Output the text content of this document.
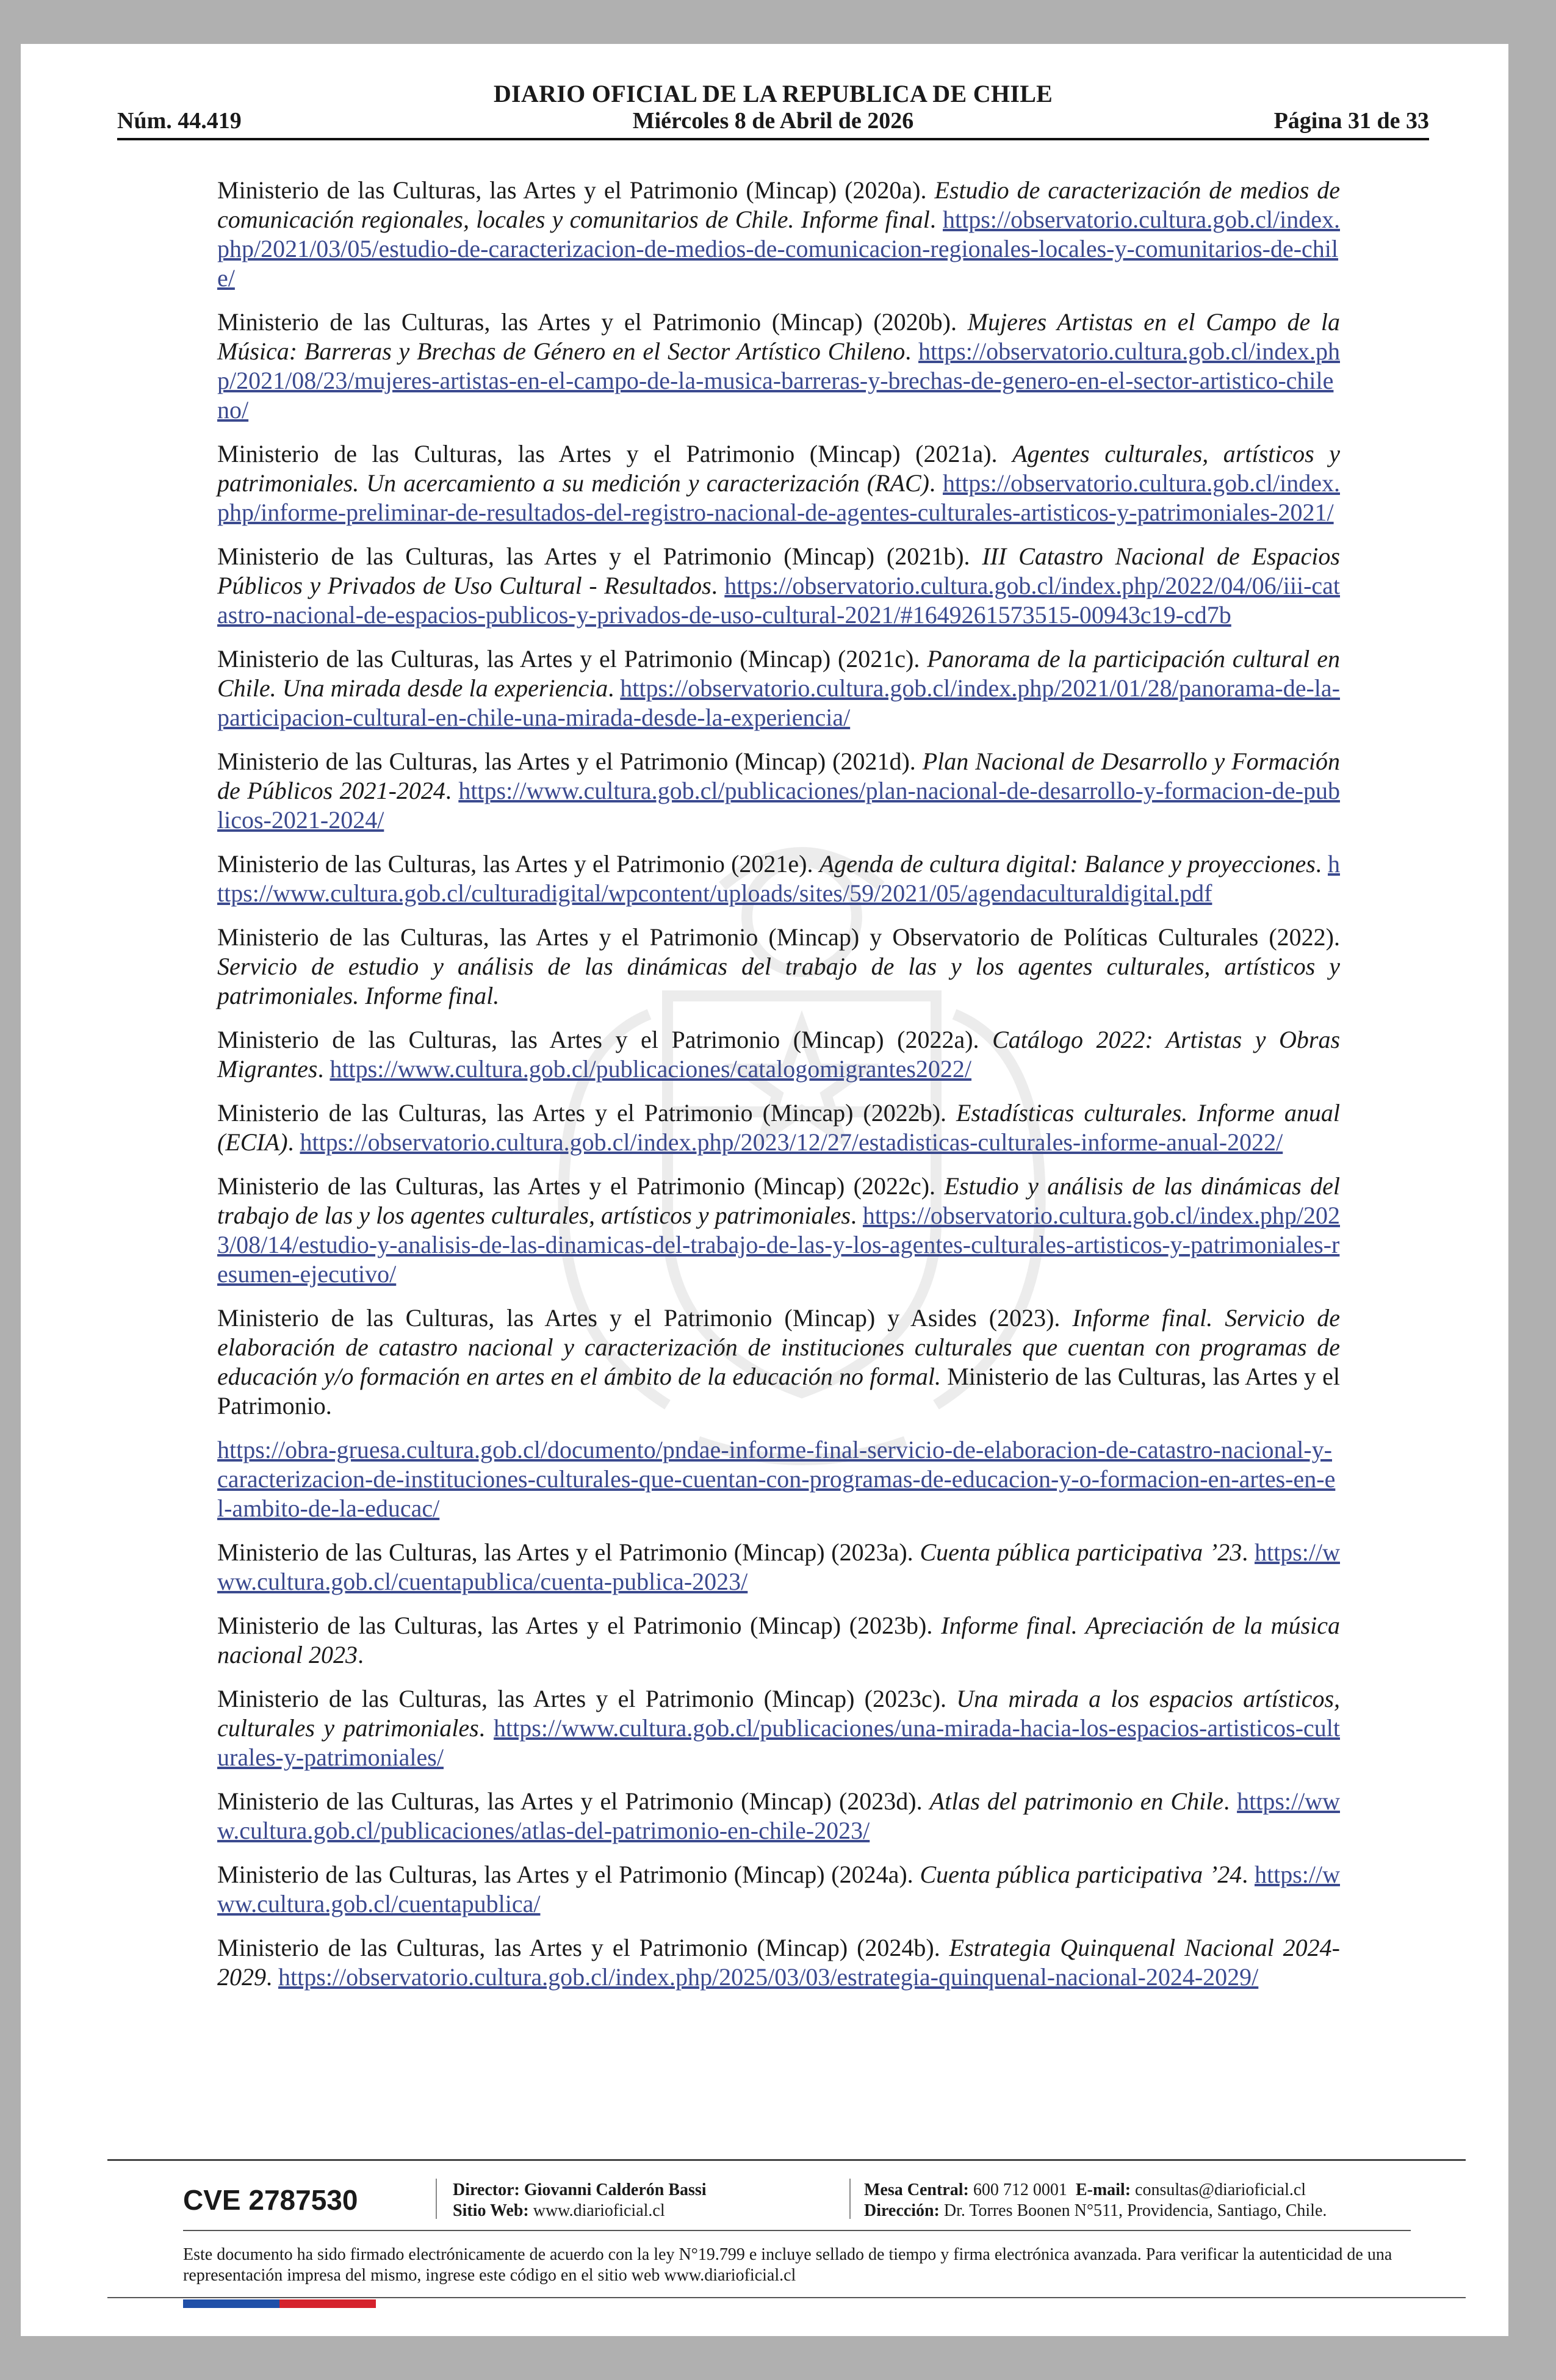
DIARIO OFICIAL DE LA REPUBLICA DE CHILE
Núm. 44.419	Miércoles 8 de Abril de 2026	Página 31 de 33

Ministerio de las Culturas, las Artes y el Patrimonio (Mincap) (2020a). Estudio de caracterización de medios de comunicación regionales, locales y comunitarios de Chile. Informe final. https://observatorio.cultura.gob.cl/index.php/2021/03/05/estudio-de-caracterizacion-de-medios-de-comunicacion-regionales-locales-y-comunitarios-de-chile/

Ministerio de las Culturas, las Artes y el Patrimonio (Mincap) (2020b). Mujeres Artistas en el Campo de la Música: Barreras y Brechas de Género en el Sector Artístico Chileno. https://observatorio.cultura.gob.cl/index.php/2021/08/23/mujeres-artistas-en-el-campo-de-la-musica-barreras-y-brechas-de-genero-en-el-sector-artistico-chileno/

Ministerio de las Culturas, las Artes y el Patrimonio (Mincap) (2021a). Agentes culturales, artísticos y patrimoniales. Un acercamiento a su medición y caracterización (RAC). https://observatorio.cultura.gob.cl/index.php/informe-preliminar-de-resultados-del-registro-nacional-de-agentes-culturales-artisticos-y-patrimoniales-2021/

Ministerio de las Culturas, las Artes y el Patrimonio (Mincap) (2021b). III Catastro Nacional de Espacios Públicos y Privados de Uso Cultural - Resultados. https://observatorio.cultura.gob.cl/index.php/2022/04/06/iii-catastro-nacional-de-espacios-publicos-y-privados-de-uso-cultural-2021/#1649261573515-00943c19-cd7b

Ministerio de las Culturas, las Artes y el Patrimonio (Mincap) (2021c). Panorama de la participación cultural en Chile. Una mirada desde la experiencia. https://observatorio.cultura.gob.cl/index.php/2021/01/28/panorama-de-la-participacion-cultural-en-chile-una-mirada-desde-la-experiencia/

Ministerio de las Culturas, las Artes y el Patrimonio (Mincap) (2021d). Plan Nacional de Desarrollo y Formación de Públicos 2021-2024. https://www.cultura.gob.cl/publicaciones/plan-nacional-de-desarrollo-y-formacion-de-publicos-2021-2024/

Ministerio de las Culturas, las Artes y el Patrimonio (2021e). Agenda de cultura digital: Balance y proyecciones. https://www.cultura.gob.cl/culturadigital/wpcontent/uploads/sites/59/2021/05/agendaculturaldigital.pdf

Ministerio de las Culturas, las Artes y el Patrimonio (Mincap) y Observatorio de Políticas Culturales (2022). Servicio de estudio y análisis de las dinámicas del trabajo de las y los agentes culturales, artísticos y patrimoniales. Informe final.

Ministerio de las Culturas, las Artes y el Patrimonio (Mincap) (2022a). Catálogo 2022: Artistas y Obras Migrantes. https://www.cultura.gob.cl/publicaciones/catalogomigrantes2022/

Ministerio de las Culturas, las Artes y el Patrimonio (Mincap) (2022b). Estadísticas culturales. Informe anual (ECIA). https://observatorio.cultura.gob.cl/index.php/2023/12/27/estadisticas-culturales-informe-anual-2022/

Ministerio de las Culturas, las Artes y el Patrimonio (Mincap) (2022c). Estudio y análisis de las dinámicas del trabajo de las y los agentes culturales, artísticos y patrimoniales. https://observatorio.cultura.gob.cl/index.php/2023/08/14/estudio-y-analisis-de-las-dinamicas-del-trabajo-de-las-y-los-agentes-culturales-artisticos-y-patrimoniales-resumen-ejecutivo/

Ministerio de las Culturas, las Artes y el Patrimonio (Mincap) y Asides (2023). Informe final. Servicio de elaboración de catastro nacional y caracterización de instituciones culturales que cuentan con programas de educación y/o formación en artes en el ámbito de la educación no formal. Ministerio de las Culturas, las Artes y el Patrimonio.

https://obra-gruesa.cultura.gob.cl/documento/pndae-informe-final-servicio-de-elaboracion-de-catastro-nacional-y-caracterizacion-de-instituciones-culturales-que-cuentan-con-programas-de-educacion-y-o-formacion-en-artes-en-el-ambito-de-la-educac/

Ministerio de las Culturas, las Artes y el Patrimonio (Mincap) (2023a). Cuenta pública participativa ’23. https://www.cultura.gob.cl/cuentapublica/cuenta-publica-2023/

Ministerio de las Culturas, las Artes y el Patrimonio (Mincap) (2023b). Informe final. Apreciación de la música nacional 2023.

Ministerio de las Culturas, las Artes y el Patrimonio (Mincap) (2023c). Una mirada a los espacios artísticos, culturales y patrimoniales. https://www.cultura.gob.cl/publicaciones/una-mirada-hacia-los-espacios-artisticos-culturales-y-patrimoniales/

Ministerio de las Culturas, las Artes y el Patrimonio (Mincap) (2023d). Atlas del patrimonio en Chile. https://www.cultura.gob.cl/publicaciones/atlas-del-patrimonio-en-chile-2023/

Ministerio de las Culturas, las Artes y el Patrimonio (Mincap) (2024a). Cuenta pública participativa ’24. https://www.cultura.gob.cl/cuentapublica/

Ministerio de las Culturas, las Artes y el Patrimonio (Mincap) (2024b). Estrategia Quinquenal Nacional 2024-2029. https://observatorio.cultura.gob.cl/index.php/2025/03/03/estrategia-quinquenal-nacional-2024-2029/

CVE 2787530	Director: Giovanni Calderón Bassi
Sitio Web: www.diarioficial.cl
Mesa Central: 600 712 0001 E-mail: consultas@diarioficial.cl
Dirección: Dr. Torres Boonen N°511, Providencia, Santiago, Chile.
Este documento ha sido firmado electrónicamente de acuerdo con la ley N°19.799 e incluye sellado de tiempo y firma electrónica avanzada. Para verificar la autenticidad de una representación impresa del mismo, ingrese este código en el sitio web www.diarioficial.cl
